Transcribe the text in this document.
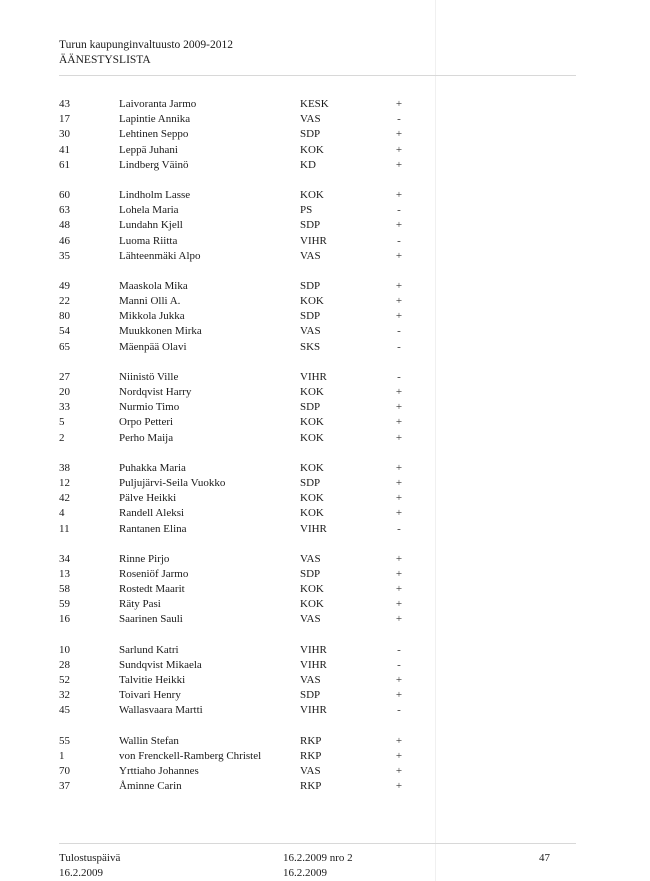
Turun kaupunginvaltuusto 2009-2012
ÄÄNESTYSLISTA
43	Laivoranta Jarmo	KESK	+
17	Lapintie Annika	VAS	-
30	Lehtinen Seppo	SDP	+
41	Leppä Juhani	KOK	+
61	Lindberg Väinö	KD	+
60	Lindholm Lasse	KOK	+
63	Lohela Maria	PS	-
48	Lundahn Kjell	SDP	+
46	Luoma Riitta	VIHR	-
35	Lähteenmäki Alpo	VAS	+
49	Maaskola Mika	SDP	+
22	Manni Olli A.	KOK	+
80	Mikkola Jukka	SDP	+
54	Muukkonen Mirka	VAS	-
65	Mäenpää Olavi	SKS	-
27	Niinistö Ville	VIHR	-
20	Nordqvist Harry	KOK	+
33	Nurmio Timo	SDP	+
5	Orpo Petteri	KOK	+
2	Perho Maija	KOK	+
38	Puhakka Maria	KOK	+
12	Puljujärvi-Seila Vuokko	SDP	+
42	Pälve Heikki	KOK	+
4	Randell Aleksi	KOK	+
11	Rantanen Elina	VIHR	-
34	Rinne Pirjo	VAS	+
13	Roseniöf Jarmo	SDP	+
58	Rostedt Maarit	KOK	+
59	Räty Pasi	KOK	+
16	Saarinen Sauli	VAS	+
10	Sarlund Katri	VIHR	-
28	Sundqvist Mikaela	VIHR	-
52	Talvitie Heikki	VAS	+
32	Toivari Henry	SDP	+
45	Wallasvaara Martti	VIHR	-
55	Wallin Stefan	RKP	+
1	von Frenckell-Ramberg Christel	RKP	+
70	Yrttiaho Johannes	VAS	+
37	Åminne Carin	RKP	+
Tulostuspäivä
16.2.2009
16.2.2009 nro 2
16.2.2009
47
